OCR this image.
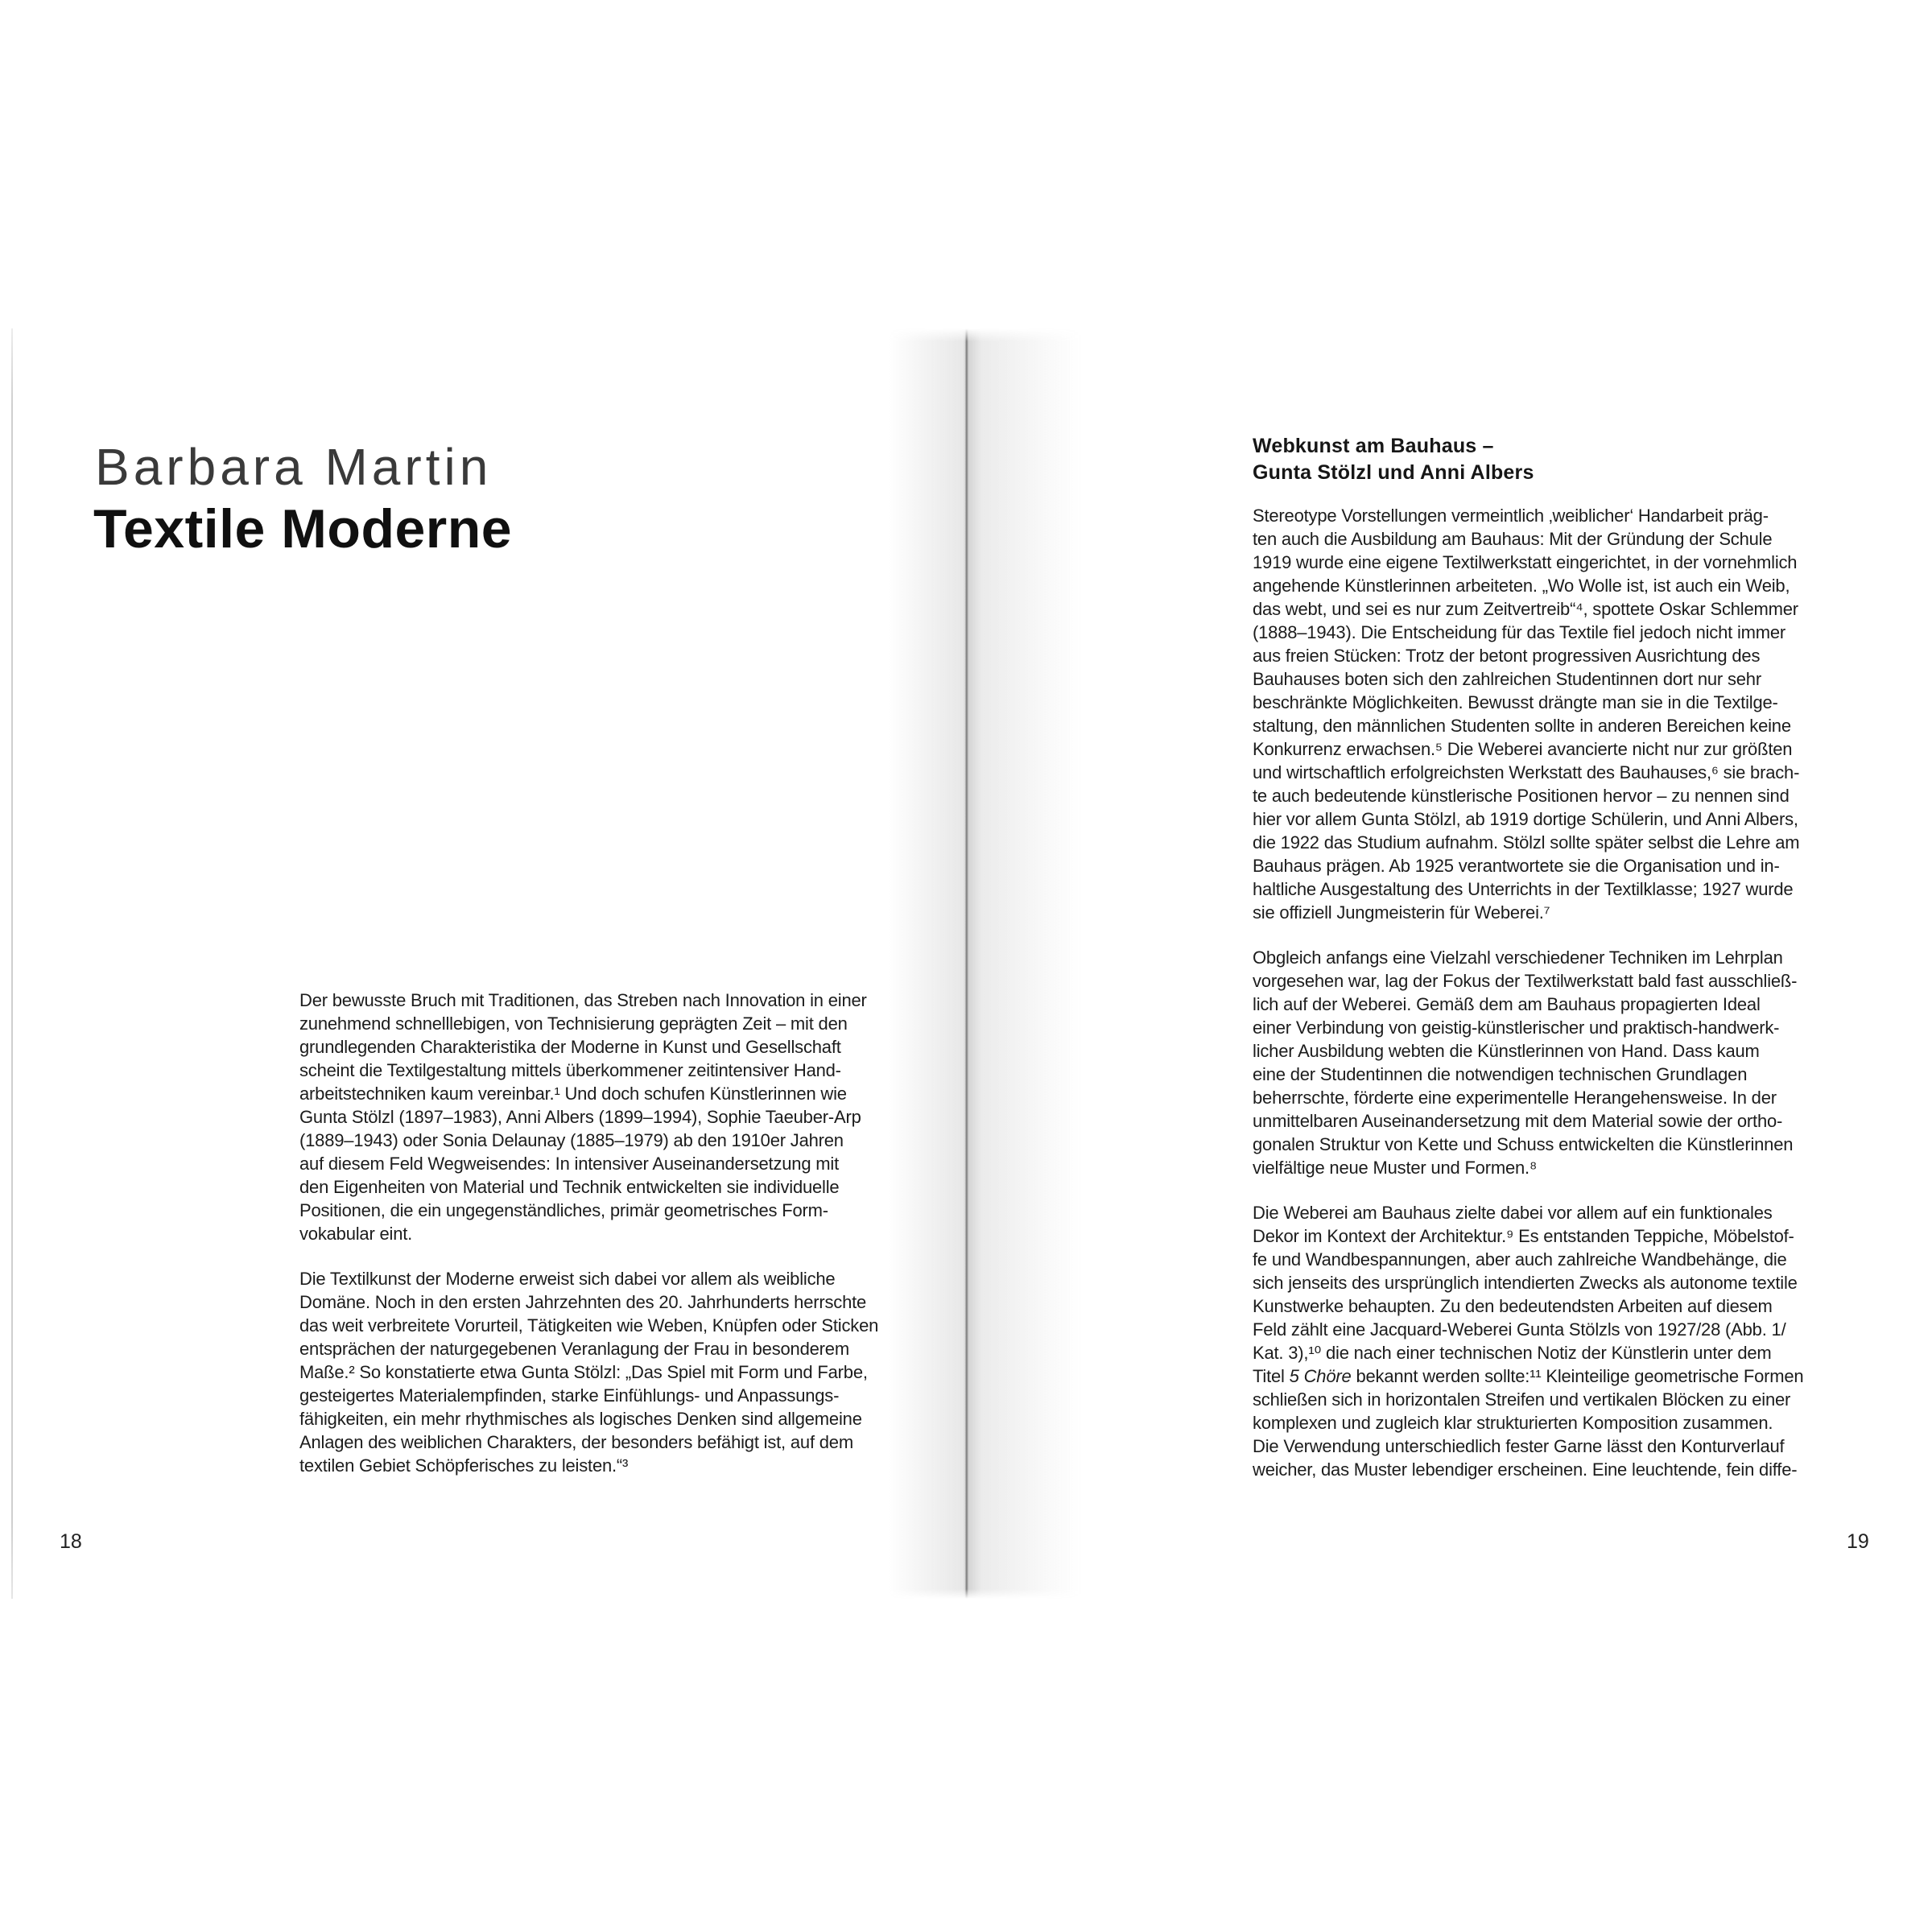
Barbara Martin
Textile Moderne

Der bewusste Bruch mit Traditionen, das Streben nach Innovation in einer
zunehmend schnelllebigen, von Technisierung geprägten Zeit – mit den
grundlegenden Charakteristika der Moderne in Kunst und Gesellschaft
scheint die Textilgestaltung mittels überkommener zeitintensiver Hand-
arbeitstechniken kaum vereinbar.¹ Und doch schufen Künstlerinnen wie
Gunta Stölzl (1897–1983), Anni Albers (1899–1994), Sophie Taeuber-Arp
(1889–1943) oder Sonia Delaunay (1885–1979) ab den 1910er Jahren
auf diesem Feld Wegweisendes: In intensiver Auseinandersetzung mit
den Eigenheiten von Material und Technik entwickelten sie individuelle
Positionen, die ein ungegenständliches, primär geometrisches Form-
vokabular eint.

Die Textilkunst der Moderne erweist sich dabei vor allem als weibliche
Domäne. Noch in den ersten Jahrzehnten des 20. Jahrhunderts herrschte
das weit verbreitete Vorurteil, Tätigkeiten wie Weben, Knüpfen oder Sticken
entsprächen der naturgegebenen Veranlagung der Frau in besonderem
Maße.² So konstatierte etwa Gunta Stölzl: „Das Spiel mit Form und Farbe,
gesteigertes Materialempfinden, starke Einfühlungs- und Anpassungs-
fähigkeiten, ein mehr rhythmisches als logisches Denken sind allgemeine
Anlagen des weiblichen Charakters, der besonders befähigt ist, auf dem
textilen Gebiet Schöpferisches zu leisten.“³

18
Webkunst am Bauhaus –
Gunta Stölzl und Anni Albers

Stereotype Vorstellungen vermeintlich ‚weiblicher‘ Handarbeit präg-
ten auch die Ausbildung am Bauhaus: Mit der Gründung der Schule
1919 wurde eine eigene Textilwerkstatt eingerichtet, in der vornehmlich
angehende Künstlerinnen arbeiteten. „Wo Wolle ist, ist auch ein Weib,
das webt, und sei es nur zum Zeitvertreib“⁴, spottete Oskar Schlemmer
(1888–1943). Die Entscheidung für das Textile fiel jedoch nicht immer
aus freien Stücken: Trotz der betont progressiven Ausrichtung des
Bauhauses boten sich den zahlreichen Studentinnen dort nur sehr
beschränkte Möglichkeiten. Bewusst drängte man sie in die Textilge-
staltung, den männlichen Studenten sollte in anderen Bereichen keine
Konkurrenz erwachsen.⁵ Die Weberei avancierte nicht nur zur größten
und wirtschaftlich erfolgreichsten Werkstatt des Bauhauses,⁶ sie brach-
te auch bedeutende künstlerische Positionen hervor – zu nennen sind
hier vor allem Gunta Stölzl, ab 1919 dortige Schülerin, und Anni Albers,
die 1922 das Studium aufnahm. Stölzl sollte später selbst die Lehre am
Bauhaus prägen. Ab 1925 verantwortete sie die Organisation und in-
haltliche Ausgestaltung des Unterrichts in der Textilklasse; 1927 wurde
sie offiziell Jungmeisterin für Weberei.⁷

Obgleich anfangs eine Vielzahl verschiedener Techniken im Lehrplan
vorgesehen war, lag der Fokus der Textilwerkstatt bald fast ausschließ-
lich auf der Weberei. Gemäß dem am Bauhaus propagierten Ideal
einer Verbindung von geistig-künstlerischer und praktisch-handwerk-
licher Ausbildung webten die Künstlerinnen von Hand. Dass kaum
eine der Studentinnen die notwendigen technischen Grundlagen
beherrschte, förderte eine experimentelle Herangehensweise. In der
unmittelbaren Auseinandersetzung mit dem Material sowie der ortho-
gonalen Struktur von Kette und Schuss entwickelten die Künstlerinnen
vielfältige neue Muster und Formen.⁸

Die Weberei am Bauhaus zielte dabei vor allem auf ein funktionales
Dekor im Kontext der Architektur.⁹ Es entstanden Teppiche, Möbelstof-
fe und Wandbespannungen, aber auch zahlreiche Wandbehänge, die
sich jenseits des ursprünglich intendierten Zwecks als autonome textile
Kunstwerke behaupten. Zu den bedeutendsten Arbeiten auf diesem
Feld zählt eine Jacquard-Weberei Gunta Stölzls von 1927/28 (Abb. 1/
Kat. 3),¹⁰ die nach einer technischen Notiz der Künstlerin unter dem
Titel 5 Chöre bekannt werden sollte:¹¹ Kleinteilige geometrische Formen
schließen sich in horizontalen Streifen und vertikalen Blöcken zu einer
komplexen und zugleich klar strukturierten Komposition zusammen.
Die Verwendung unterschiedlich fester Garne lässt den Konturverlauf
weicher, das Muster lebendiger erscheinen. Eine leuchtende, fein diffe-

19
